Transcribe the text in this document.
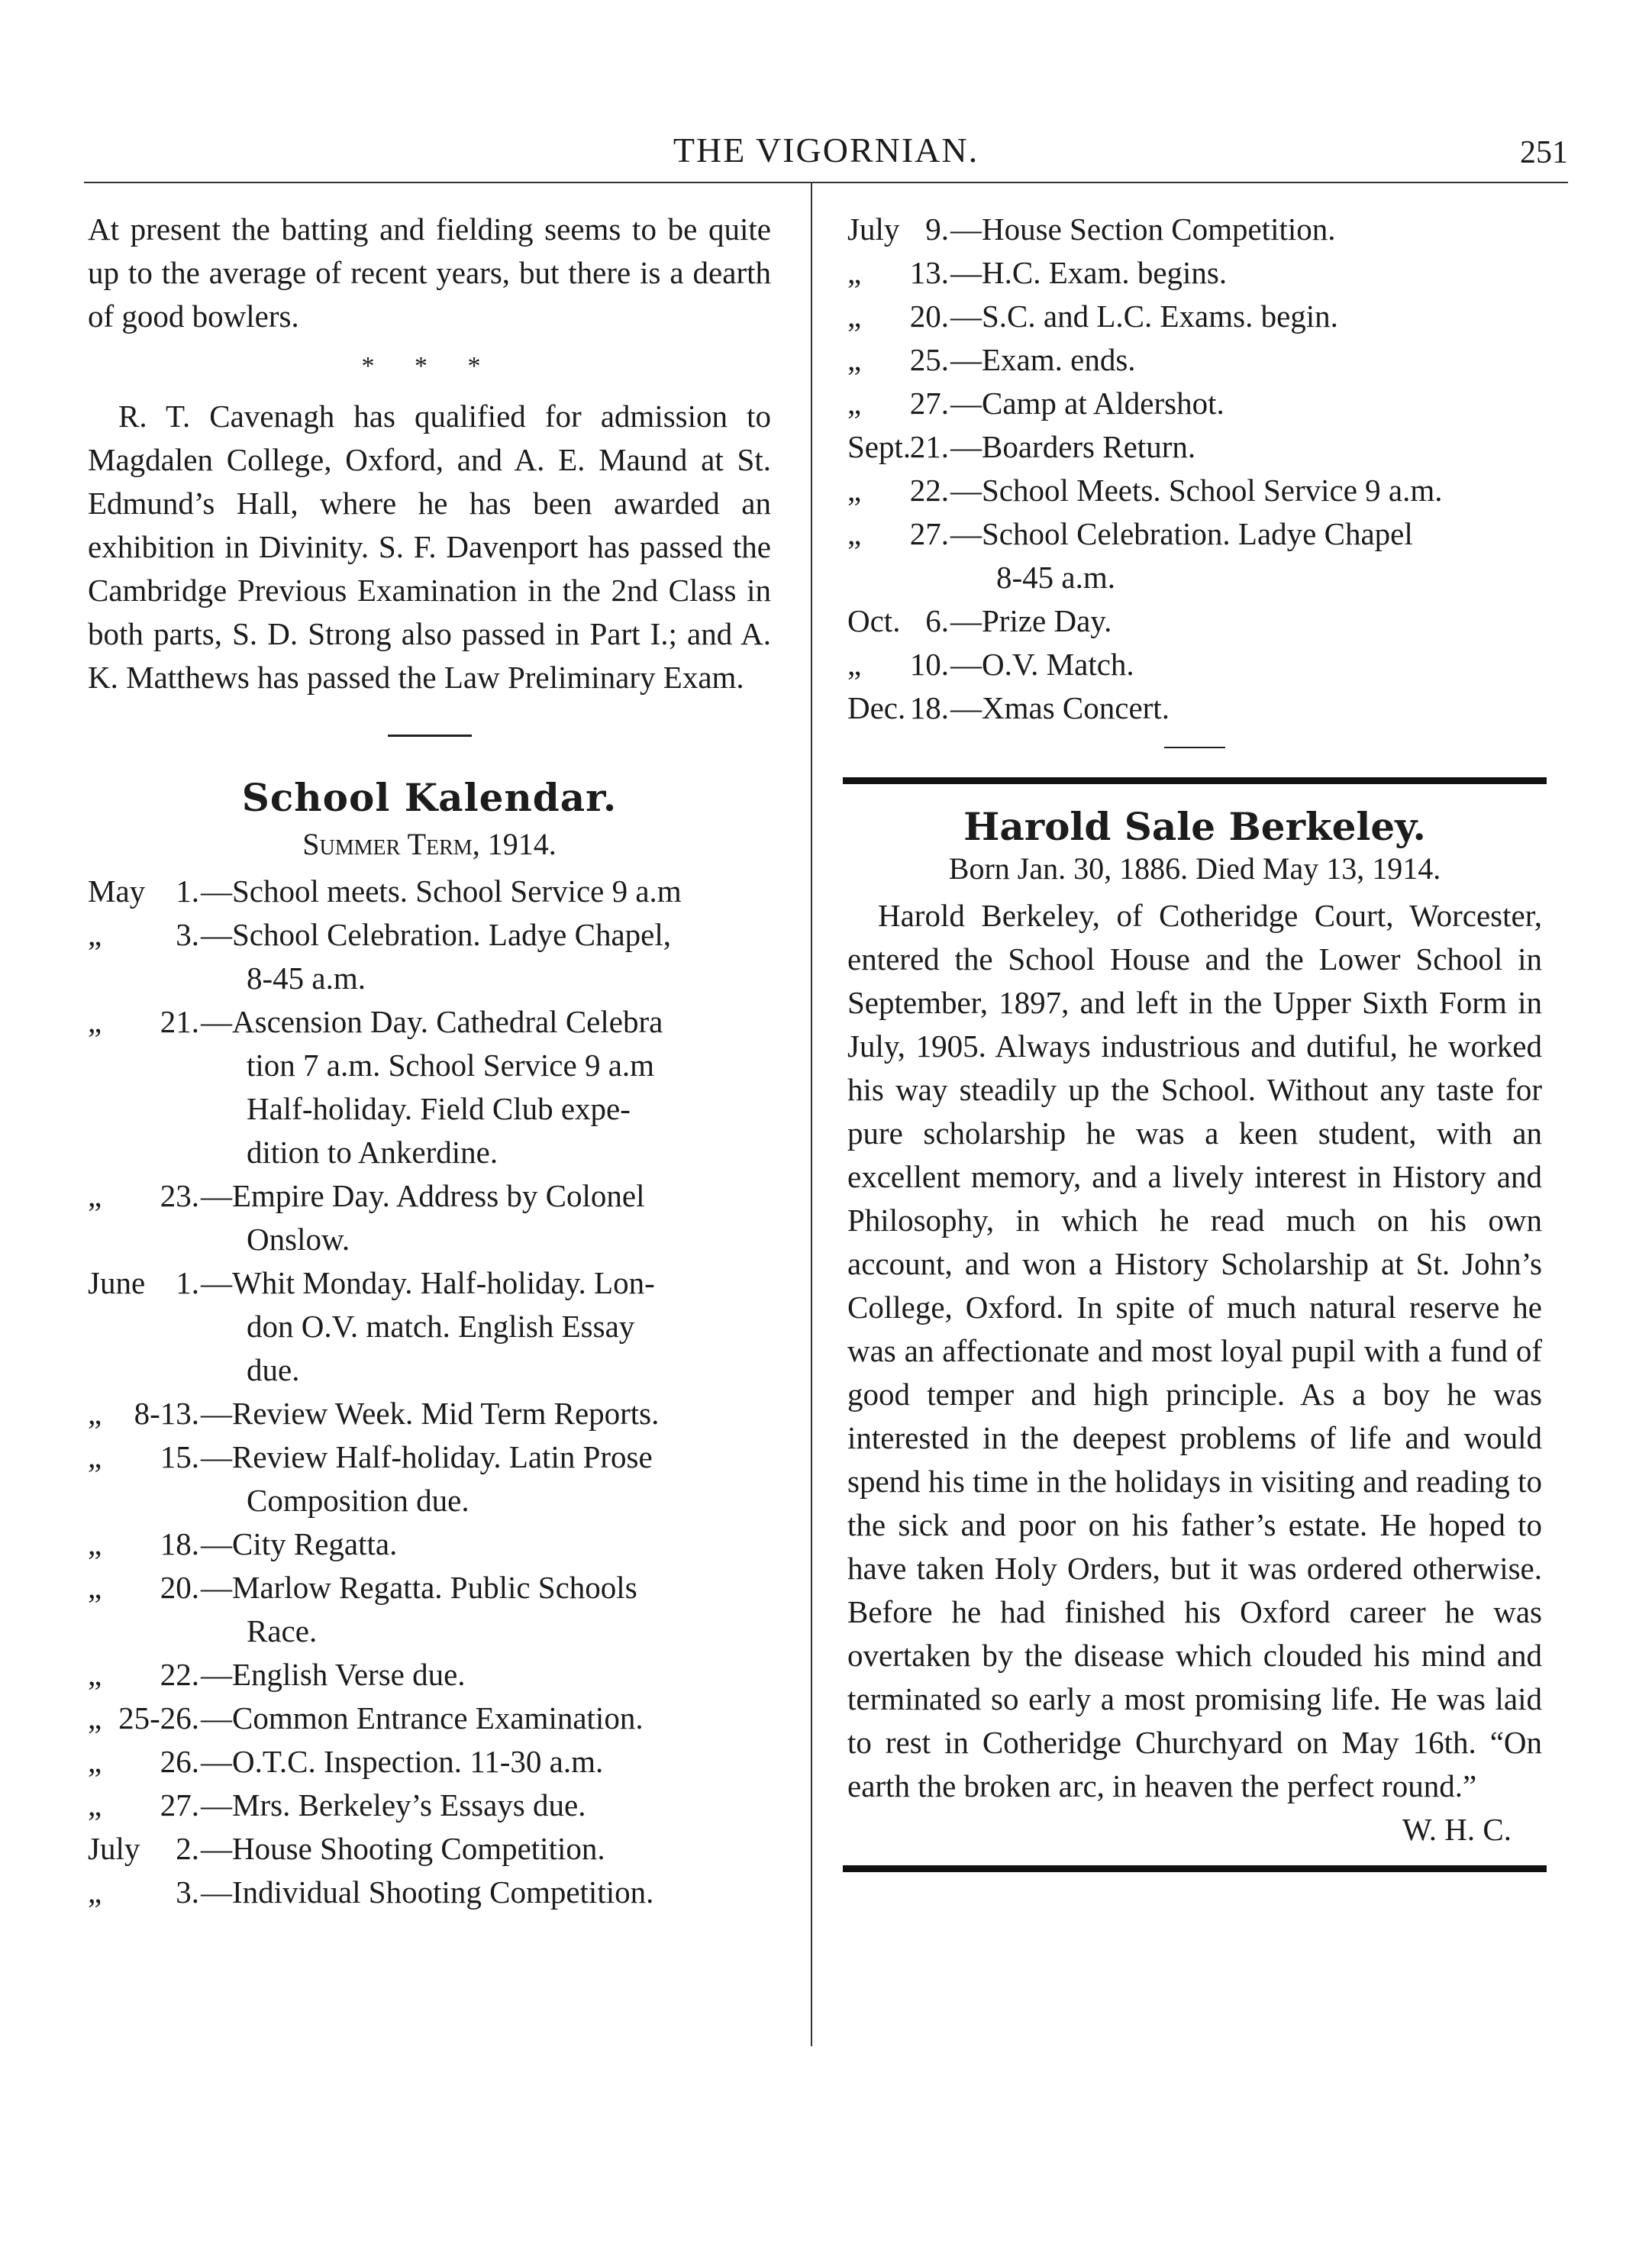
THE VIGORNIAN.	251

At present the batting and fielding seems to be quite up to the average of recent years, but there is a dearth of good bowlers.

* * *

R. T. Cavenagh has qualified for admission to Magdalen College, Oxford, and A. E. Maund at St. Edmund’s Hall, where he has been awarded an exhibition in Divinity. S. F. Davenport has passed the Cambridge Previous Examination in the 2nd Class in both parts, S. D. Strong also passed in Part I.; and A. K. Matthews has passed the Law Preliminary Exam.

School Kalendar.
Summer Term, 1914.
May 1. —School meets. School Service 9 a.m
„ 3. —School Celebration. Ladye Chapel,
8-45 a.m.
„ 21. —Ascension Day. Cathedral Celebra
tion 7 a.m. School Service 9 a.m
Half-holiday. Field Club expe-
dition to Ankerdine.
„ 23. —Empire Day. Address by Colonel
Onslow.
June 1. —Whit Monday. Half-holiday. Lon-
don O.V. match. English Essay
due.
„ 8-13. —Review Week. Mid Term Reports.
„ 15. —Review Half-holiday. Latin Prose
Composition due.
„ 18. —City Regatta.
„ 20. —Marlow Regatta. Public Schools
Race.
„ 22. —English Verse due.
„ 25-26. —Common Entrance Examination.
„ 26. —O.T.C. Inspection. 11-30 a.m.
„ 27. —Mrs. Berkeley’s Essays due.
July 2. —House Shooting Competition.
„ 3. —Individual Shooting Competition.
July 9. —House Section Competition.
„ 13. —H.C. Exam. begins.
„ 20. —S.C. and L.C. Exams. begin.
„ 25. —Exam. ends.
„ 27. —Camp at Aldershot.
Sept.
21. —Boarders Return.
„ 22. —School Meets. School Service 9 a.m.
„ 27. —School Celebration. Ladye Chapel
8-45 a.m.
Oct. 6. —Prize Day.
„ 10. —O.V. Match.
Dec. 18. —Xmas Concert.
Harold Sale Berkeley.
Born Jan. 30, 1886. Died May 13, 1914.

Harold Berkeley, of Cotheridge Court, Worcester, entered the School House and the Lower School in September, 1897, and left in the Upper Sixth Form in July, 1905. Always industrious and dutiful, he worked his way steadily up the School. Without any taste for pure scholarship he was a keen student, with an excellent memory, and a lively interest in History and Philosophy, in which he read much on his own account, and won a History Scholarship at St. John’s College, Oxford. In spite of much natural reserve he was an affectionate and most loyal pupil with a fund of good temper and high principle. As a boy he was interested in the deepest problems of life and would spend his time in the holidays in visiting and reading to the sick and poor on his father’s estate. He hoped to have taken Holy Orders, but it was ordered otherwise. Before he had finished his Oxford career he was overtaken by the disease which clouded his mind and terminated so early a most promising life. He was laid to rest in Cotheridge Churchyard on May 16th. “On earth the broken arc, in heaven the perfect round.”
W. H. C.
